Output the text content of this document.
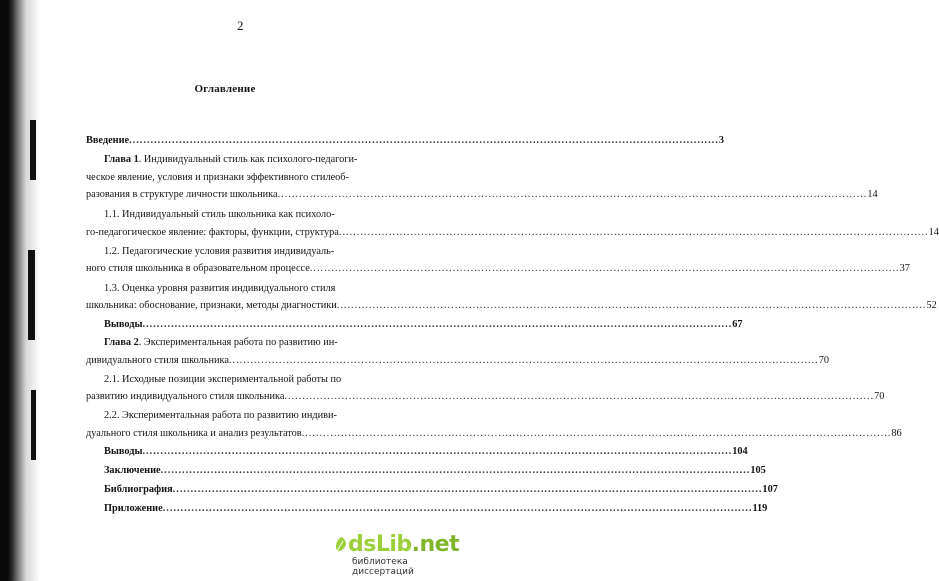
2
Оглавление
Введение .....	3
Глава 1. Индивидуальный стиль как психолого-педагоги-
ческое явление, условия и признаки эффективного стилеоб-
разования в структуре личности школьника .....	14
1.1. Индивидуальный стиль школьника как психоло-
го-педагогическое явление: факторы, функции, структура .....	14
1.2. Педагогические условия развития индивидуаль-
ного стиля школьника в образовательном процессе .....	37
1.3. Оценка уровня развития индивидуального стиля
школьника: обоснование, признаки, методы диагностики .....	52
Выводы .....	67
Глава 2. Экспериментальная работа по развитию ин-
дивидуального стиля школьника .....	70
2.1. Исходные позиции экспериментальной работы по
развитию индивидуального стиля школьника .....	70
2.2. Экспериментальная работа по развитию индиви-
дуального стиля школьника и анализ результатов .....	86
Выводы .....	104
Заключение .....	105
Библиография .....	107
Приложение .....	119
dsLib.net
библиотека диссертаций
